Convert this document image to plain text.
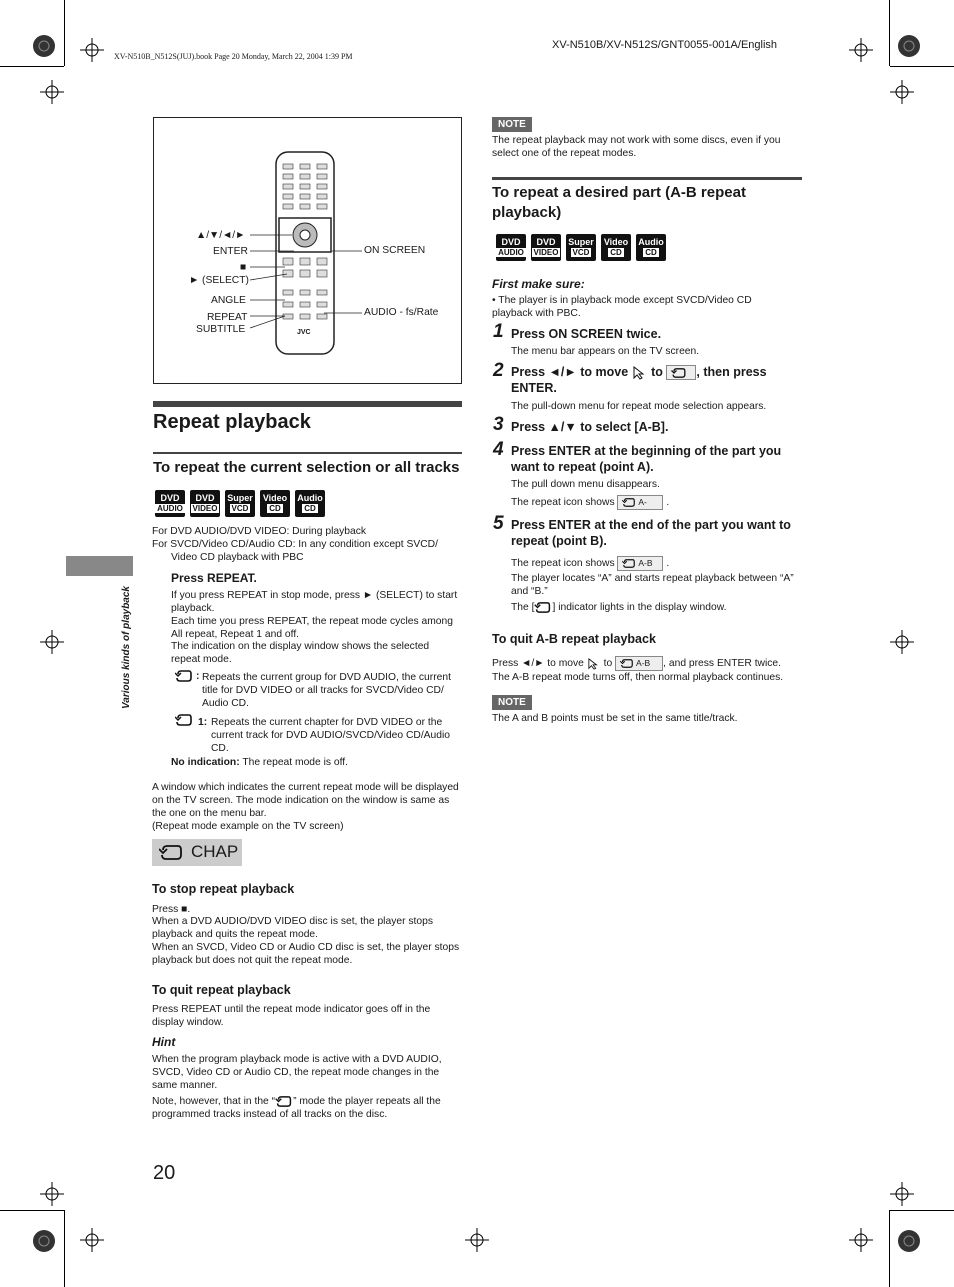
XV-N510B/XV-N512S/GNT0055-001A/English
XV-N510B_N512S(JUJ).book Page 20 Monday, March 22, 2004 1:39 PM
Various kinds of playback
▲/▼/◄/►
ENTER
■
► (SELECT)
ANGLE
REPEAT
SUBTITLE
ON SCREEN
AUDIO - fs/Rate
JVC
Repeat playback
To repeat the current selection or all tracks
DVD
AUDIO
DVD
VIDEO
Super
VCD
Video
CD
Audio
CD
For DVD AUDIO/DVD VIDEO: During playback
For SVCD/Video CD/Audio CD: In any condition except SVCD/
Video CD playback with PBC
Press REPEAT.
If you press REPEAT in stop mode, press ► (SELECT) to start playback.
Each time you press REPEAT, the repeat mode cycles among All repeat, Repeat 1 and off.
The indication on the display window shows the selected repeat mode.
: Repeats the current group for DVD AUDIO, the current title for DVD VIDEO or all tracks for SVCD/Video CD/ Audio CD.
1: Repeats the current chapter for DVD VIDEO or the current track for DVD AUDIO/SVCD/Video CD/Audio CD.
No indication: The repeat mode is off.
A window which indicates the current repeat mode will be displayed on the TV screen. The mode indication on the window is same as the one on the menu bar.
(Repeat mode example on the TV screen)
CHAP
To stop repeat playback
Press ■.
When a DVD AUDIO/DVD VIDEO disc is set, the player stops playback and quits the repeat mode.
When an SVCD, Video CD or Audio CD disc is set, the player stops playback but does not quit the repeat mode.
To quit repeat playback
Press REPEAT until the repeat mode indicator goes off in the display window.
Hint
When the program playback mode is active with a DVD AUDIO, SVCD, Video CD or Audio CD, the repeat mode changes in the same manner.
Note, however, that in the “ ” mode the player repeats all the programmed tracks instead of all tracks on the disc.
20
NOTE
The repeat playback may not work with some discs, even if you select one of the repeat modes.
To repeat a desired part (A-B repeat playback)
DVD
AUDIO
DVD
VIDEO
Super
VCD
Video
CD
Audio
CD
First make sure:
• The player is in playback mode except SVCD/Video CD playback with PBC.
1 Press ON SCREEN twice.
The menu bar appears on the TV screen.
2 Press ◄/► to move to	, then press ENTER.
The pull-down menu for repeat mode selection appears.
3 Press ▲/▼ to select [A-B].
4 Press ENTER at the beginning of the part you want to repeat (point A).
The pull down menu disappears.
The repeat icon shows	A- .
5 Press ENTER at the end of the part you want to repeat (point B).
The repeat icon shows	A-B .
The player locates “A” and starts repeat playback between “A” and “B.”
The [ ] indicator lights in the display window.
To quit A-B repeat playback
Press ◄/► to move to	A-B , and press ENTER twice.
The A-B repeat mode turns off, then normal playback continues.
NOTE
The A and B points must be set in the same title/track.
